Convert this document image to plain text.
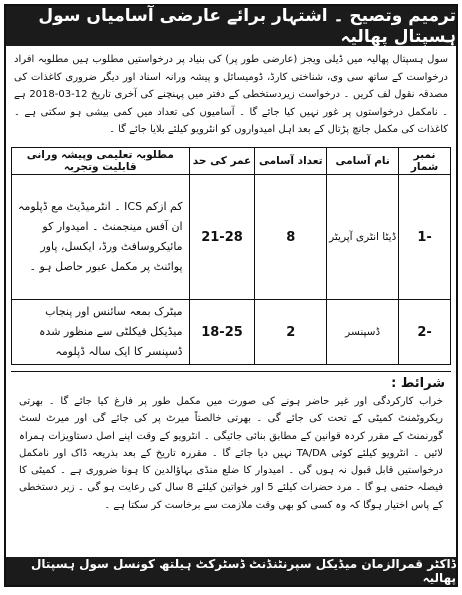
ترمیم وتصیح ۔ اشتہار برائے عارضی آسامیاں سول ہسپتال پھالیہ
سول ہسپتال پھالیہ میں ڈیلی ویجز (عارضی طور پر) کی بنیاد پر درخواستیں مطلوب ہیں مطلوبہ افراد درخواست کے ساتھ سی وی، شناختی کارڈ، ڈومیسائل و پیشہ ورانہ اسناد اور دیگر ضروری کاغذات کی مصدقہ نقول لف کریں ۔ درخواست زیردستخطی کے دفتر میں پہنچنے کی آخری تاریخ 12-03-2018 ہے ۔ نامکمل درخواستوں پر غور نہیں کیا جائے گا ۔ آسامیوں کی تعداد میں کمی بیشی ہو سکتی ہے ۔ کاغذات کی مکمل جانچ پڑتال کے بعد اہل امیدواروں کو انٹرویو کیلئے بلایا جائے گا ۔
نمبر شمار	نام آسامی	تعداد آسامی	عمر کی حد	مطلوبہ تعلیمی وپیشہ ورانی قابلیت وتجربہ
1-	ڈیٹا انٹری آپریٹر	8	21-28	کم ازکم ICS ۔ انٹرمیڈیٹ مع ڈپلومہ ان آفس مینجمنٹ ۔ امیدوار کو مائیکروسافٹ ورڈ، ایکسل، پاور پوائنٹ پر مکمل عبور حاصل ہو ۔
2-	ڈسپنسر	2	18-25	میٹرک بمعہ سائنس اور پنجاب میڈیکل فیکلٹی سے منظور شدہ ڈسپنسر کا ایک سالہ ڈپلومہ
شرائط :
خراب کارکردگی اور غیر حاضر ہونے کی صورت میں مکمل طور پر فارغ کیا جائے گا ۔ بھرتی ریکروٹمنٹ کمیٹی کے تحت کی جائے گی ۔ بھرتی خالصتاً میرٹ پر کی جائے گی اور میرٹ لسٹ گورنمنٹ کے مقرر کردہ قوانین کے مطابق بنائی جائیگی ۔ انٹرویو کے وقت اپنے اصل دستاویزات ہمراہ لائیں ۔ انٹرویو کیلئے کوئی TA/DA نہیں دیا جائے گا ۔ مقررہ تاریخ کے بعد بذریعہ ڈاک اور نامکمل درخواستیں قابل قبول نہ ہوں گی ۔ امیدوار کا ضلع منڈی بہاؤالدین کا ہونا ضروری ہے ۔ کمیٹی کا فیصلہ حتمی ہو گا ۔ مرد حضرات کیلئے 5 اور خواتین کیلئے 8 سال کی رعایت ہو گی ۔ زیر دستخطی کے پاس اختیار ہوگا کہ وہ کسی کو بھی وقت ملازمت سے برخاست کر سکتا ہے ۔
ڈاکٹر قمرالزمان میڈیکل سپرنٹنڈنٹ ڈسٹرکٹ ہیلتھ کونسل سول ہسپتال پھالیہ
